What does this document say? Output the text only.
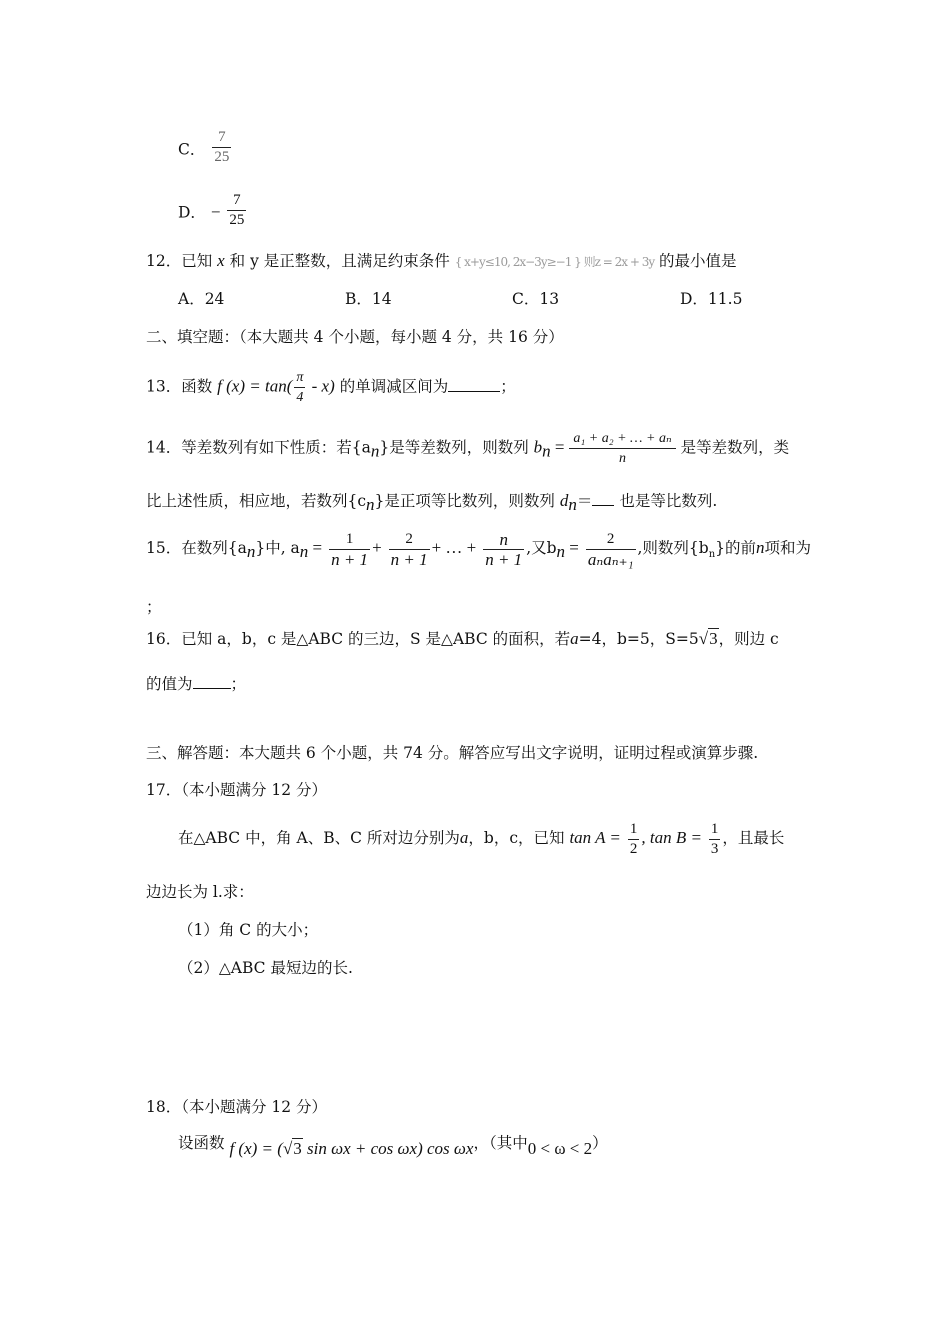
C． $\frac{7}{25}$
D． − $\frac{7}{25}$
12．已知 x 和 y 是正整数，且满足约束条件 { x+y≤10, 2x−3y≥−1 } 则z = 2x + 3y 的最小值是
A．24	B．14	C．13	D．11.5
二、填空题：（本大题共 4 个小题，每小题 4 分，共 16 分）
13．函数 f $(x) = \tan( \frac{\pi}{4} - x)$ 的单调减区间为	；
14．等差数列有如下性质：若$\{a_n\}$是等差数列，则数列 $b_n = \frac{\text{a₁ + a₂ + … + aₙ}}{n}$ 是等差数列，类
比上述性质，相应地，若数列$\{c_n\}$是正项等比数列，则数列 $d_n=$ 也是等比数列.
15．在数列$\{a_n\}$中, $a_n = \frac{1}{n + 1} + \frac{2}{n + 1}$ + … + $\frac{n}{n + 1}$ ,又$b_n = \frac{2}{\text{aₙaₙ₊₁}}$ ,则数列$\{b_n\}$的前n项和为
；
16．已知 a，b，c 是△ABC 的三边，S 是△ABC 的面积，若a=4，b=5，S=5√3，则边 c
的值为 ；
三、解答题：本大题共 6 个小题，共 74 分。解答应写出文字说明，证明过程或演算步骤.
17．（本小题满分 12 分）
在△ABC 中，角 A、B、C 所对边分别为a，b，c，已知 $\tan A = \frac{1}{2}$ , $\tan B = \frac{1}{3}$ ，且最长
边边长为 l.求：
（1）角 C 的大小；
（2）△ABC 最短边的长.
18．（本小题满分 12 分）
设函数 f (x) = (√3 sin ωx + cos ωx) cos ωx，（其中0 < ω < 2）
